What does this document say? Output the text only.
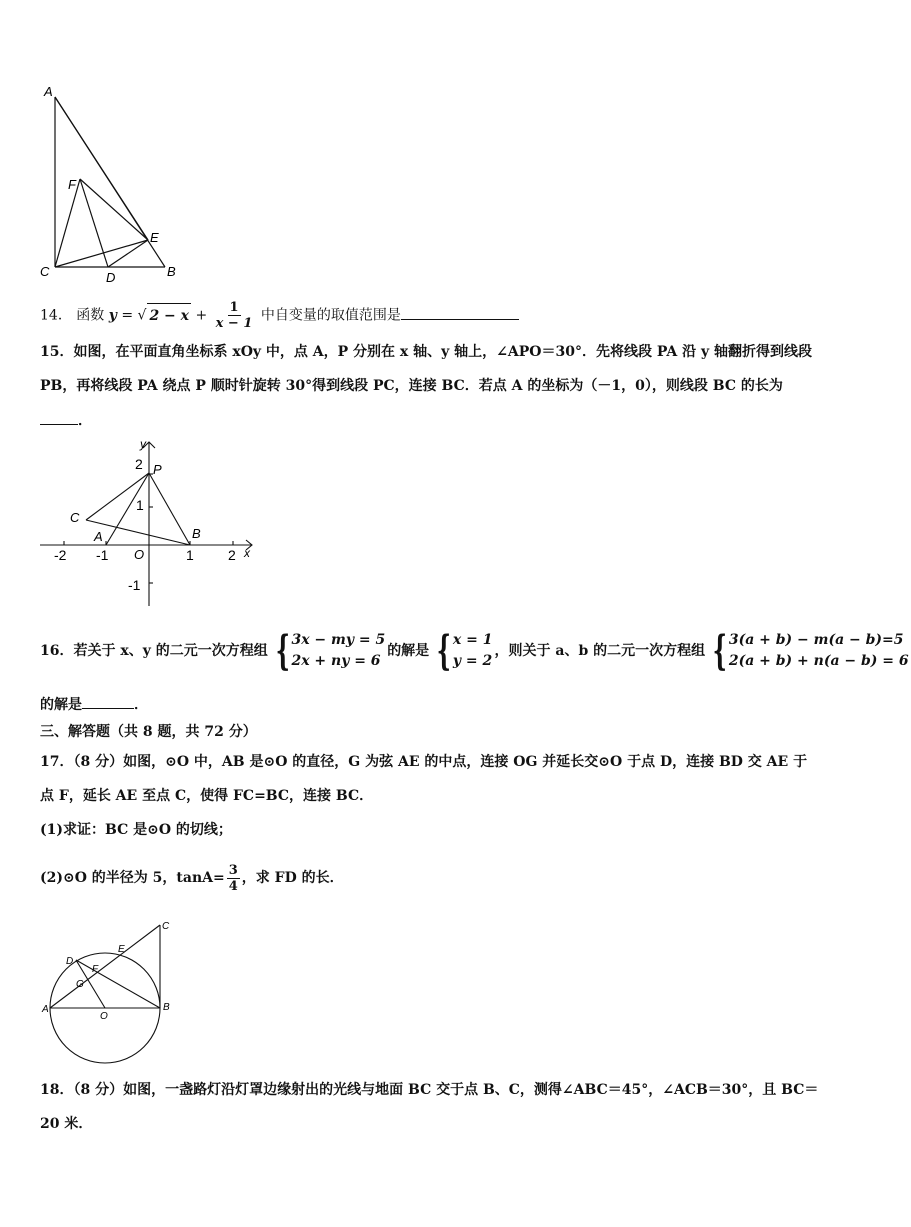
A
F
E
C	D	B
14． 函数 y = √ $2 - x + \frac{1}{x - 1}$ 中自变量的取值范围是
15．如图，在平面直角坐标系 xOy 中，点 A，P 分别在 x 轴、y 轴上，∠APO＝30°．先将线段 PA 沿 y 轴翻折得到线段
PB，再将线段 PA 绕点 P 顺时针旋转 30°得到线段 PC，连接 BC．若点 A 的坐标为（－1，0），则线段 BC 的长为
．
y
x
P
C
A	B
O
2
1
-1
-2 -1	1 2
16．若关于 x、y 的二元一次方程组 { 3x − my = 5
2x + ny = 6
的解是 { x = 1
y = 2
，则关于 a、b 的二元一次方程组 { 3(a + b) − m(a − b)=5
2(a + b) + n(a − b) = 6
的解是	．
三、解答题（共 8 题，共 72 分）
17．（8 分）如图，⊙O 中，AB 是⊙O 的直径，G 为弦 AE 的中点，连接 OG 并延长交⊙O 于点 D，连接 BD 交 AE 于
点 F，延长 AE 至点 C，使得 FC=BC，连接 BC．
(1)求证：BC 是⊙O 的切线；
(2)⊙O 的半径为 5，$\tan A= \frac{3}{4}$ ，求 FD 的长．
C
E
D
F
G
A
O
B
18．（8 分）如图，一盏路灯沿灯罩边缘射出的光线与地面 BC 交于点 B、C，测得∠ABC＝45°，∠ACB＝30°，且 BC＝
20 米．
